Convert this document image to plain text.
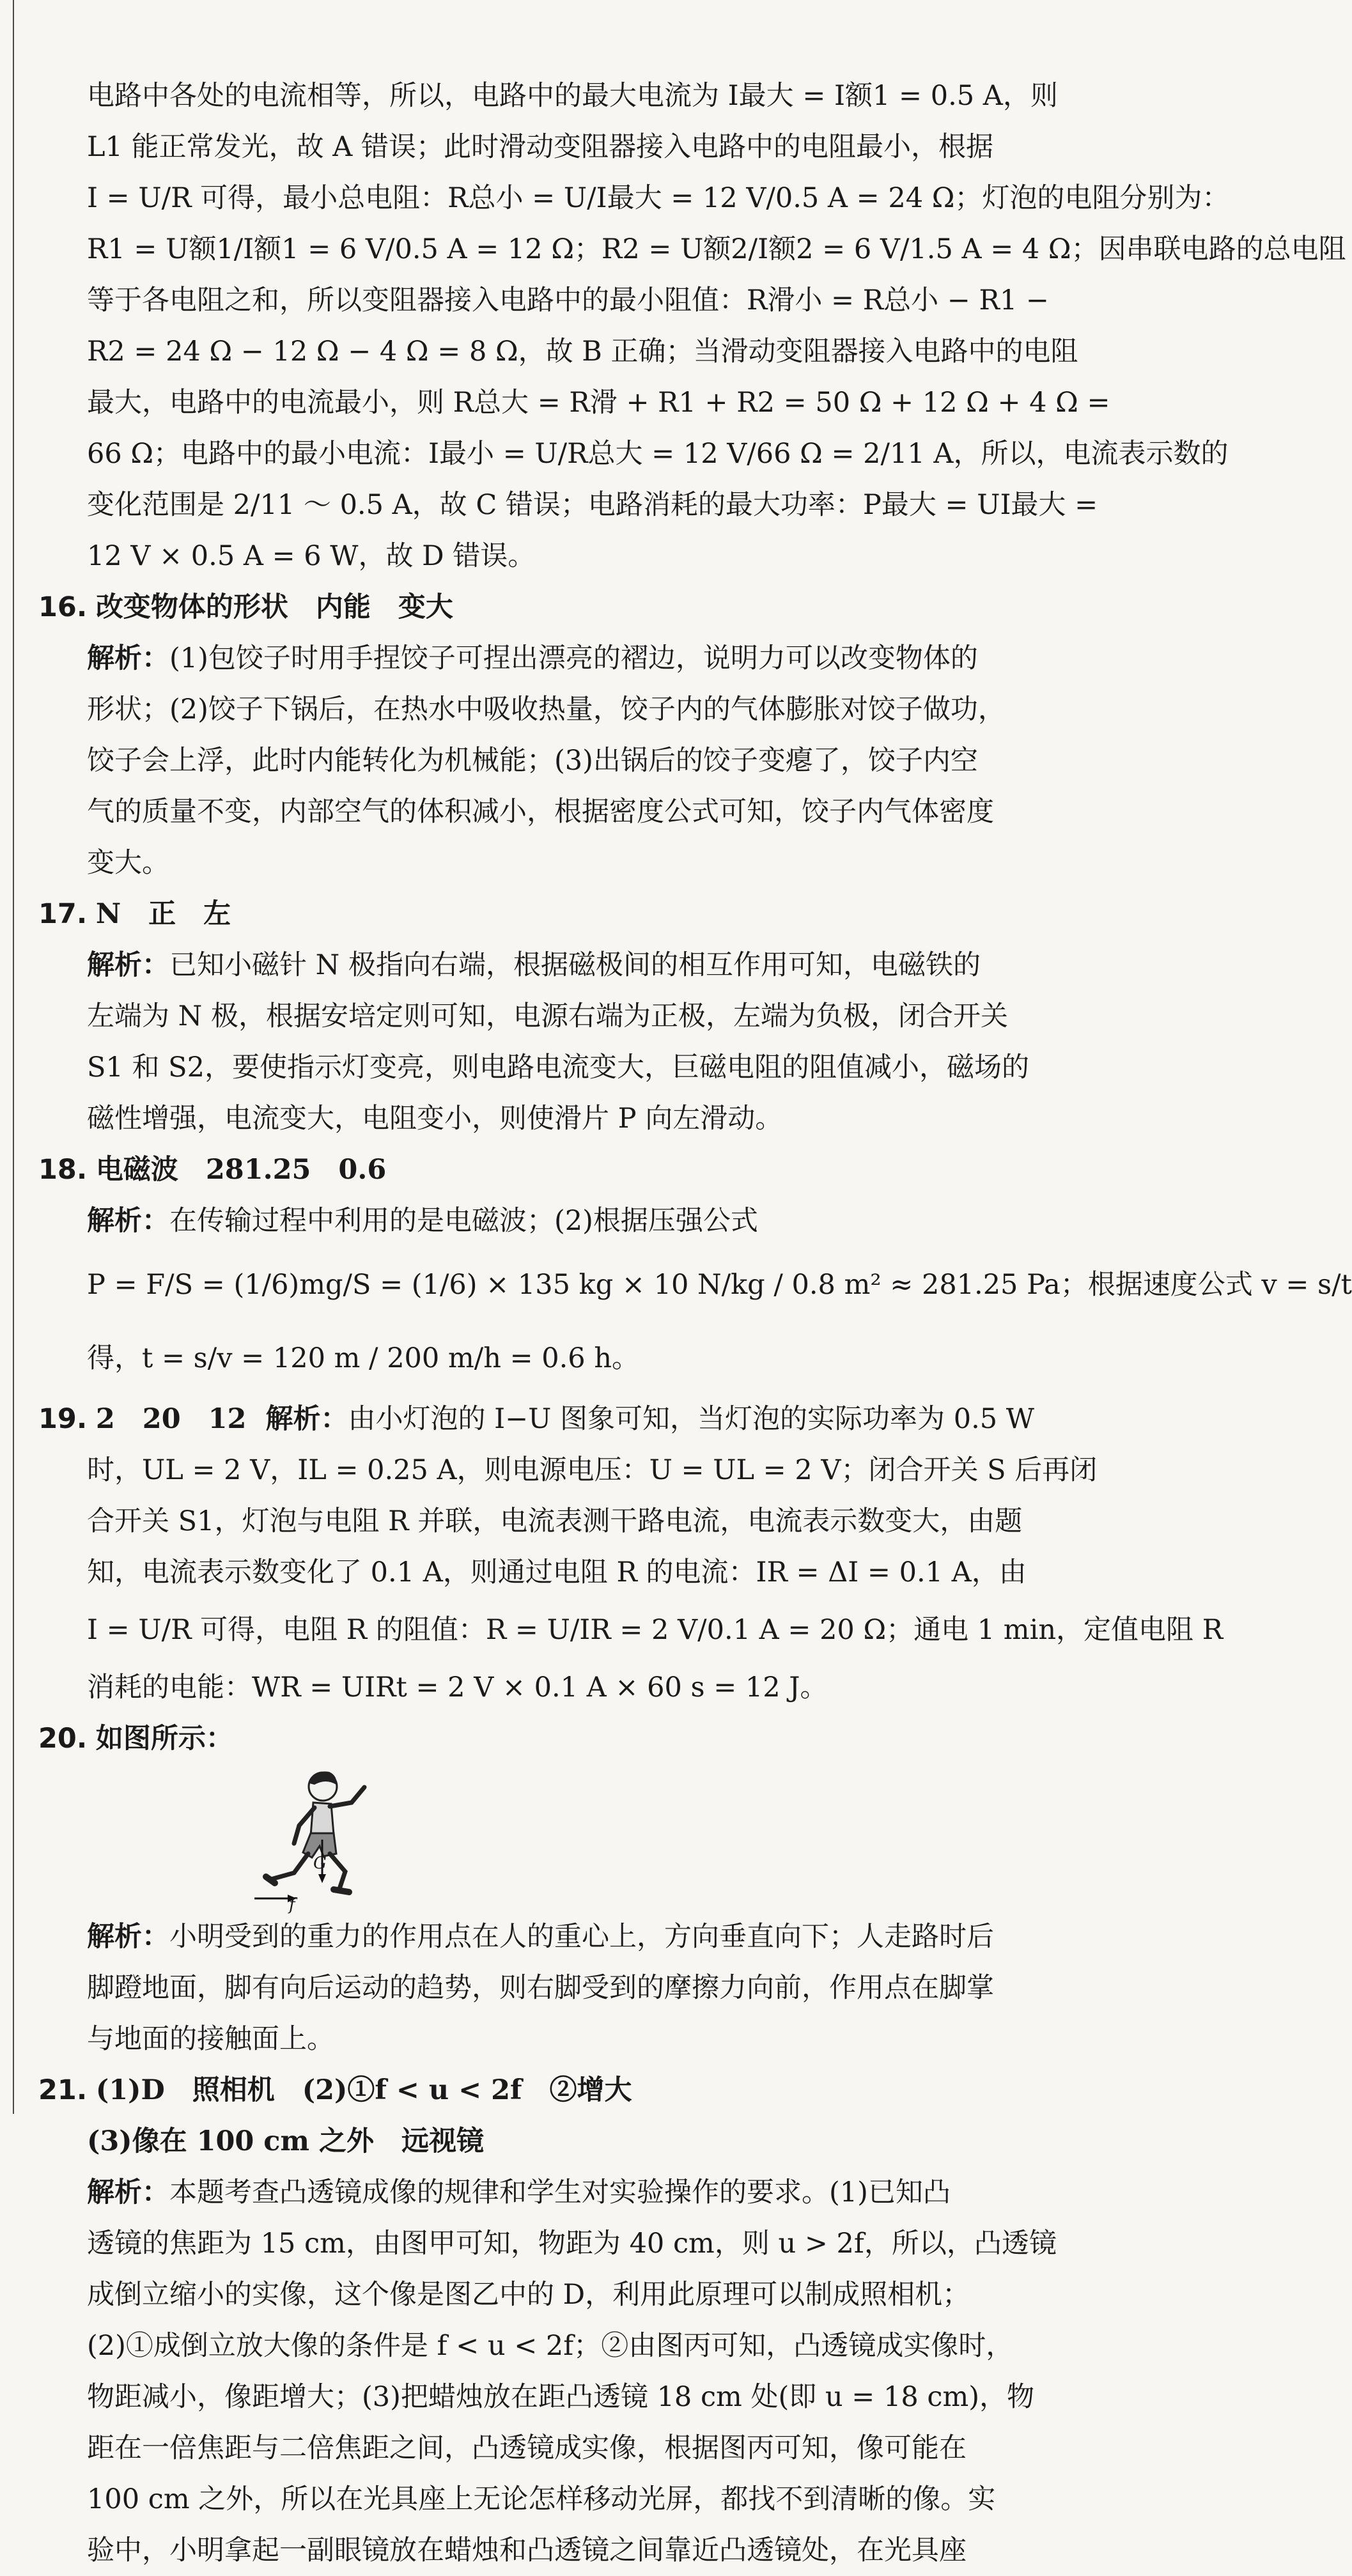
电路中各处的电流相等，所以，电路中的最大电流为 I最大 = I额1 = 0.5 A，则
L1 能正常发光，故 A 错误；此时滑动变阻器接入电路中的电阻最小，根据
I = U/R 可得，最小总电阻：R总小 = U/I最大 = 12 V/0.5 A = 24 Ω；灯泡的电阻分别为：
R1 = U额1/I额1 = 6 V/0.5 A = 12 Ω；R2 = U额2/I额2 = 6 V/1.5 A = 4 Ω；因串联电路的总电阻
等于各电阻之和，所以变阻器接入电路中的最小阻值：R滑小 = R总小 − R1 −
R2 = 24 Ω − 12 Ω − 4 Ω = 8 Ω，故 B 正确；当滑动变阻器接入电路中的电阻
最大，电路中的电流最小，则 R总大 = R滑 + R1 + R2 = 50 Ω + 12 Ω + 4 Ω =
66 Ω；电路中的最小电流：I最小 = U/R总大 = 12 V/66 Ω = 2/11 A，所以，电流表示数的
变化范围是 2/11 ～ 0.5 A，故 C 错误；电路消耗的最大功率：P最大 = UI最大 =
12 V × 0.5 A = 6 W，故 D 错误。
16. 改变物体的形状　内能　变大
解析：(1)包饺子时用手捏饺子可捏出漂亮的褶边，说明力可以改变物体的
形状；(2)饺子下锅后，在热水中吸收热量，饺子内的气体膨胀对饺子做功，
饺子会上浮，此时内能转化为机械能；(3)出锅后的饺子变瘪了，饺子内空
气的质量不变，内部空气的体积减小，根据密度公式可知，饺子内气体密度
变大。
17. N　正　左
解析：已知小磁针 N 极指向右端，根据磁极间的相互作用可知，电磁铁的
左端为 N 极，根据安培定则可知，电源右端为正极，左端为负极，闭合开关
S1 和 S2，要使指示灯变亮，则电路电流变大，巨磁电阻的阻值减小，磁场的
磁性增强，电流变大，电阻变小，则使滑片 P 向左滑动。
18. 电磁波　281.25　0.6
解析：在传输过程中利用的是电磁波；(2)根据压强公式
P = F/S = (1/6)mg/S = (1/6) × 135 kg × 10 N/kg / 0.8 m² ≈ 281.25 Pa；根据速度公式 v = s/t
得，t = s/v = 120 m / 200 m/h = 0.6 h。
19. 2　20　12 解析：由小灯泡的 I−U 图象可知，当灯泡的实际功率为 0.5 W
时，UL = 2 V，IL = 0.25 A，则电源电压：U = UL = 2 V；闭合开关 S 后再闭
合开关 S1，灯泡与电阻 R 并联，电流表测干路电流，电流表示数变大，由题
知，电流表示数变化了 0.1 A，则通过电阻 R 的电流：IR = ΔI = 0.1 A，由
I = U/R 可得，电阻 R 的阻值：R = U/IR = 2 V/0.1 A = 20 Ω；通电 1 min，定值电阻 R
消耗的电能：WR = UIRt = 2 V × 0.1 A × 60 s = 12 J。
20. 如图所示：
G
f
解析：小明受到的重力的作用点在人的重心上，方向垂直向下；人走路时后
脚蹬地面，脚有向后运动的趋势，则右脚受到的摩擦力向前，作用点在脚掌
与地面的接触面上。
21. (1)D　照相机　(2)①f < u < 2f　②增大
(3)像在 100 cm 之外　远视镜
解析：本题考查凸透镜成像的规律和学生对实验操作的要求。(1)已知凸
透镜的焦距为 15 cm，由图甲可知，物距为 40 cm，则 u > 2f，所以，凸透镜
成倒立缩小的实像，这个像是图乙中的 D，利用此原理可以制成照相机；
(2)①成倒立放大像的条件是 f < u < 2f；②由图丙可知，凸透镜成实像时，
物距减小，像距增大；(3)把蜡烛放在距凸透镜 18 cm 处(即 u = 18 cm)，物
距在一倍焦距与二倍焦距之间，凸透镜成实像，根据图丙可知，像可能在
100 cm 之外，所以在光具座上无论怎样移动光屏，都找不到清晰的像。实
验中，小明拿起一副眼镜放在蜡烛和凸透镜之间靠近凸透镜处，在光具座
